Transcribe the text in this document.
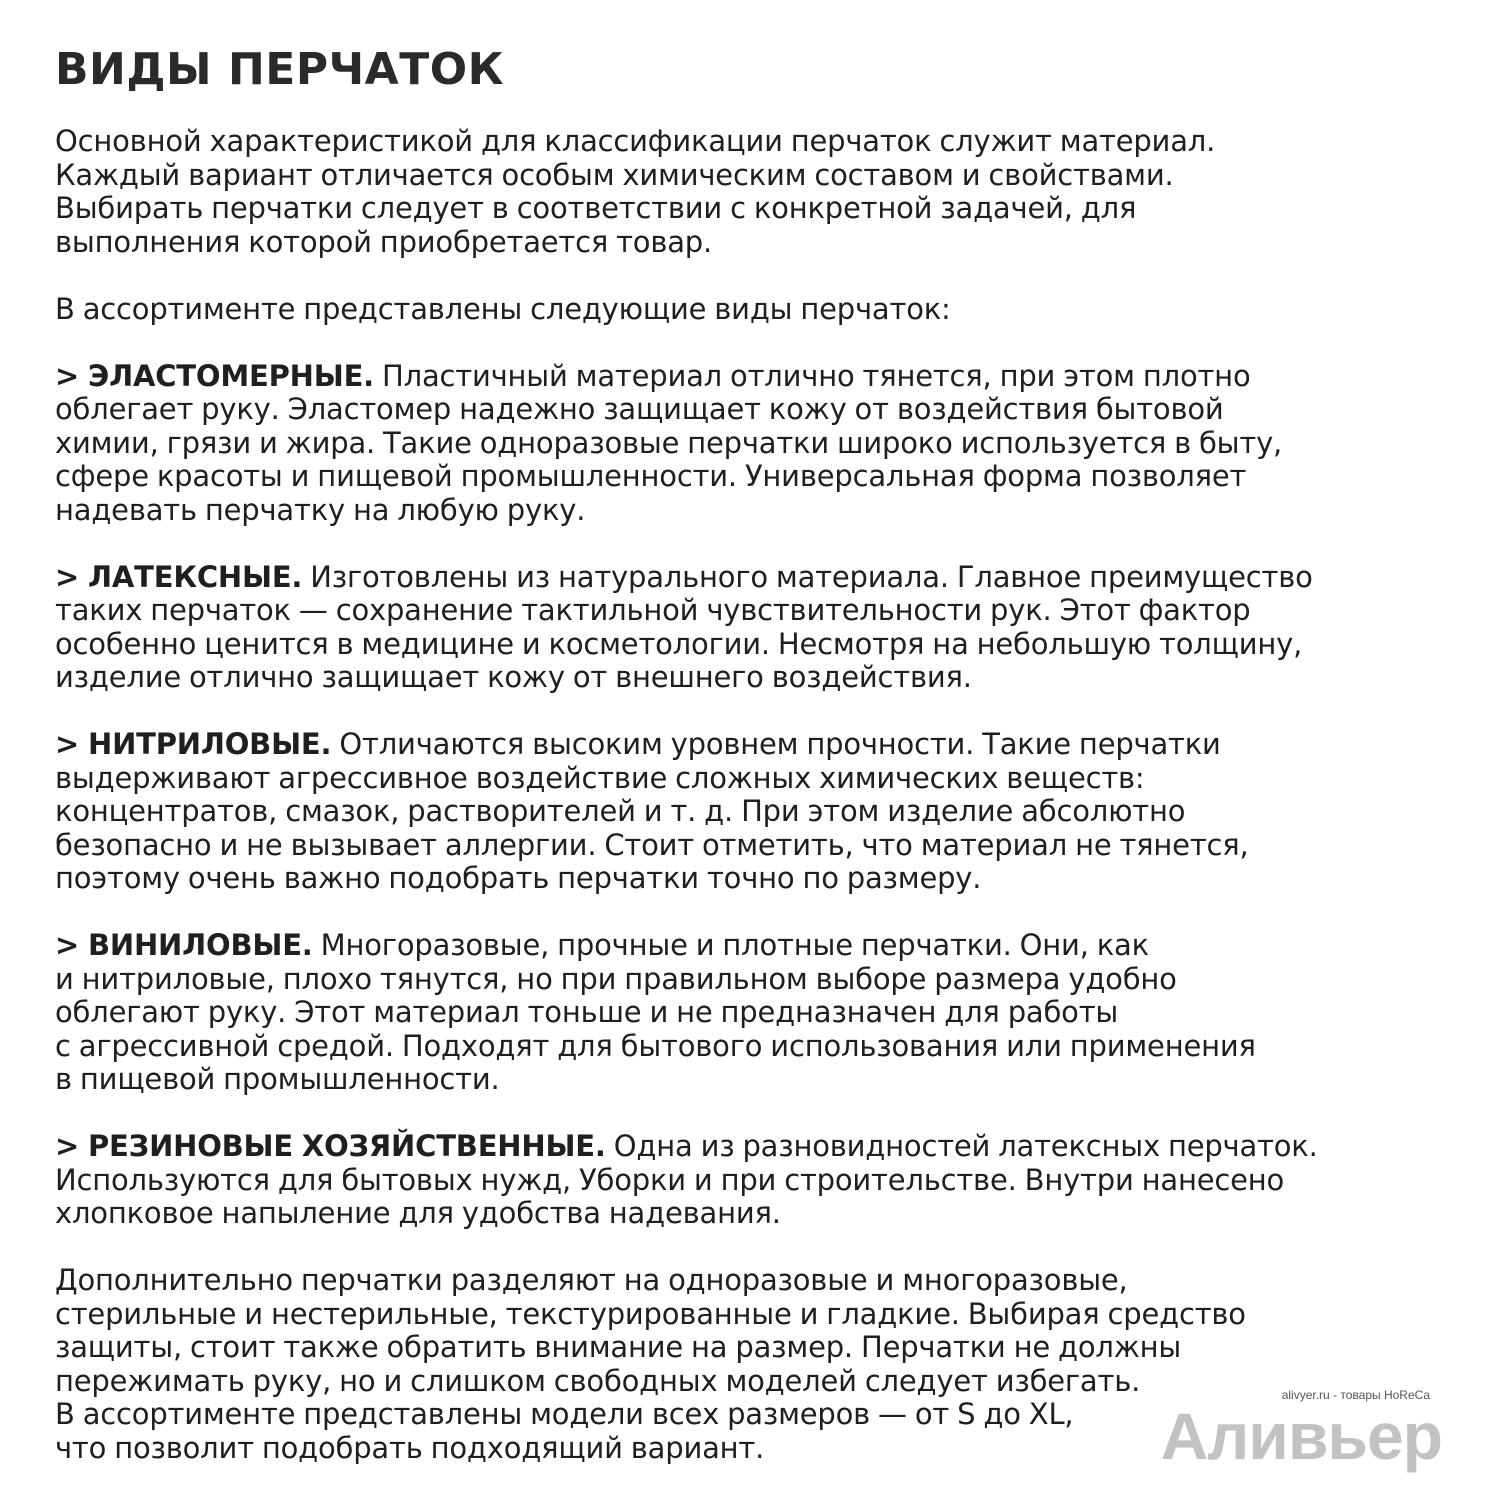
ВИДЫ ПЕРЧАТОК

Основной характеристикой для классификации перчаток служит материал.
Каждый вариант отличается особым химическим составом и свойствами.
Выбирать перчатки следует в соответствии с конкретной задачей, для
выполнения которой приобретается товар.

В ассортименте представлены следующие виды перчаток:

> ЭЛАСТОМЕРНЫЕ. Пластичный материал отлично тянется, при этом плотно
облегает руку. Эластомер надежно защищает кожу от воздействия бытовой
химии, грязи и жира. Такие одноразовые перчатки широко используется в быту,
сфере красоты и пищевой промышленности. Универсальная форма позволяет
надевать перчатку на любую руку.

> ЛАТЕКСНЫЕ. Изготовлены из натурального материала. Главное преимущество
таких перчаток — сохранение тактильной чувствительности рук. Этот фактор
особенно ценится в медицине и косметологии. Несмотря на небольшую толщину,
изделие отлично защищает кожу от внешнего воздействия.

> НИТРИЛОВЫЕ. Отличаются высоким уровнем прочности. Такие перчатки
выдерживают агрессивное воздействие сложных химических веществ:
концентратов, смазок, растворителей и т. д. При этом изделие абсолютно
безопасно и не вызывает аллергии. Стоит отметить, что материал не тянется,
поэтому очень важно подобрать перчатки точно по размеру.

> ВИНИЛОВЫЕ. Многоразовые, прочные и плотные перчатки. Они, как
и нитриловые, плохо тянутся, но при правильном выборе размера удобно
облегают руку. Этот материал тоньше и не предназначен для работы
с агрессивной средой. Подходят для бытового использования или применения
в пищевой промышленности.

> РЕЗИНОВЫЕ ХОЗЯЙСТВЕННЫЕ. Одна из разновидностей латексных перчаток.
Используются для бытовых нужд, Уборки и при строительстве. Внутри нанесено
хлопковое напыление для удобства надевания.

Дополнительно перчатки разделяют на одноразовые и многоразовые,
стерильные и нестерильные, текстурированные и гладкие. Выбирая средство
защиты, стоит также обратить внимание на размер. Перчатки не должны
пережимать руку, но и слишком свободных моделей следует избегать.
В ассортименте представлены модели всех размеров — от S до XL,
что позволит подобрать подходящий вариант.

alivyer.ru - товары HoReCa
Аливьер
